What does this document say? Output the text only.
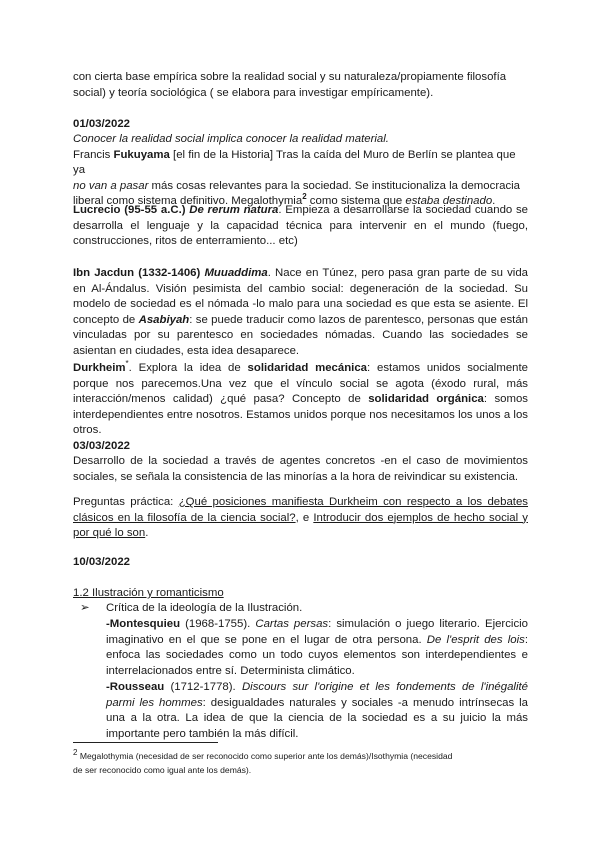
con cierta base empírica sobre la realidad social y su naturaleza/propiamente filosofía
social) y teoría sociológica ( se elabora para investigar empíricamente).
01/03/2022
Conocer la realidad social implica conocer la realidad material.
Francis Fukuyama [el fin de la Historia] Tras la caída del Muro de Berlín se plantea que ya
no van a pasar más cosas relevantes para la sociedad. Se institucionaliza la democracia
liberal como sistema definitivo. Megalothymia$^2$ como sistema que estaba destinado.
Lucrecio (95-55 a.C.) De rerum natura. Empieza a desarrollarse la sociedad cuando se desarrolla el lenguaje y la capacidad técnica para intervenir en el mundo (fuego, construcciones, ritos de enterramiento... etc)
Ibn Jacdun (1332-1406) Muuaddima. Nace en Túnez, pero pasa gran parte de su vida en Al-Ándalus. Visión pesimista del cambio social: degeneración de la sociedad. Su modelo de sociedad es el nómada -lo malo para una sociedad es que esta se asiente. El concepto de Asabiyah: se puede traducir como lazos de parentesco, personas que están vinculadas por su parentesco en sociedades nómadas. Cuando las sociedades se asientan en ciudades, esta idea desaparece.
Durkheim*. Explora la idea de solidaridad mecánica: estamos unidos socialmente porque nos parecemos.Una vez que el vínculo social se agota (éxodo rural, más interacción/menos calidad) ¿qué pasa? Concepto de solidaridad orgánica: somos interdependientes entre nosotros. Estamos unidos porque nos necesitamos los unos a los otros.
03/03/2022
Desarrollo de la sociedad a través de agentes concretos -en el caso de movimientos sociales, se señala la consistencia de las minorías a la hora de reivindicar su existencia.
Preguntas práctica: ¿Qué posiciones manifiesta Durkheim con respecto a los debates clásicos en la filosofía de la ciencia social?, e Introducir dos ejemplos de hecho social y por qué lo son.
10/03/2022
1.2 Ilustración y romanticismo
➢ Crítica de la ideología de la Ilustración.
-Montesquieu (1968-1755). Cartas persas: simulación o juego literario. Ejercicio imaginativo en el que se pone en el lugar de otra persona. De l'esprit des lois: enfoca las sociedades como un todo cuyos elementos son interdependientes e interrelacionados entre sí. Determinista climático.
-Rousseau (1712-1778). Discours sur l'origine et les fondements de l'inégalité parmi les hommes: desigualdades naturales y sociales -a menudo intrínsecas la una a la otra. La idea de que la ciencia de la sociedad es a su juicio la más importante pero también la más difícil.
$^2$ Megalothymia (necesidad de ser reconocido como superior ante los demás)/Isothymia (necesidad
de ser reconocido como igual ante los demás).
